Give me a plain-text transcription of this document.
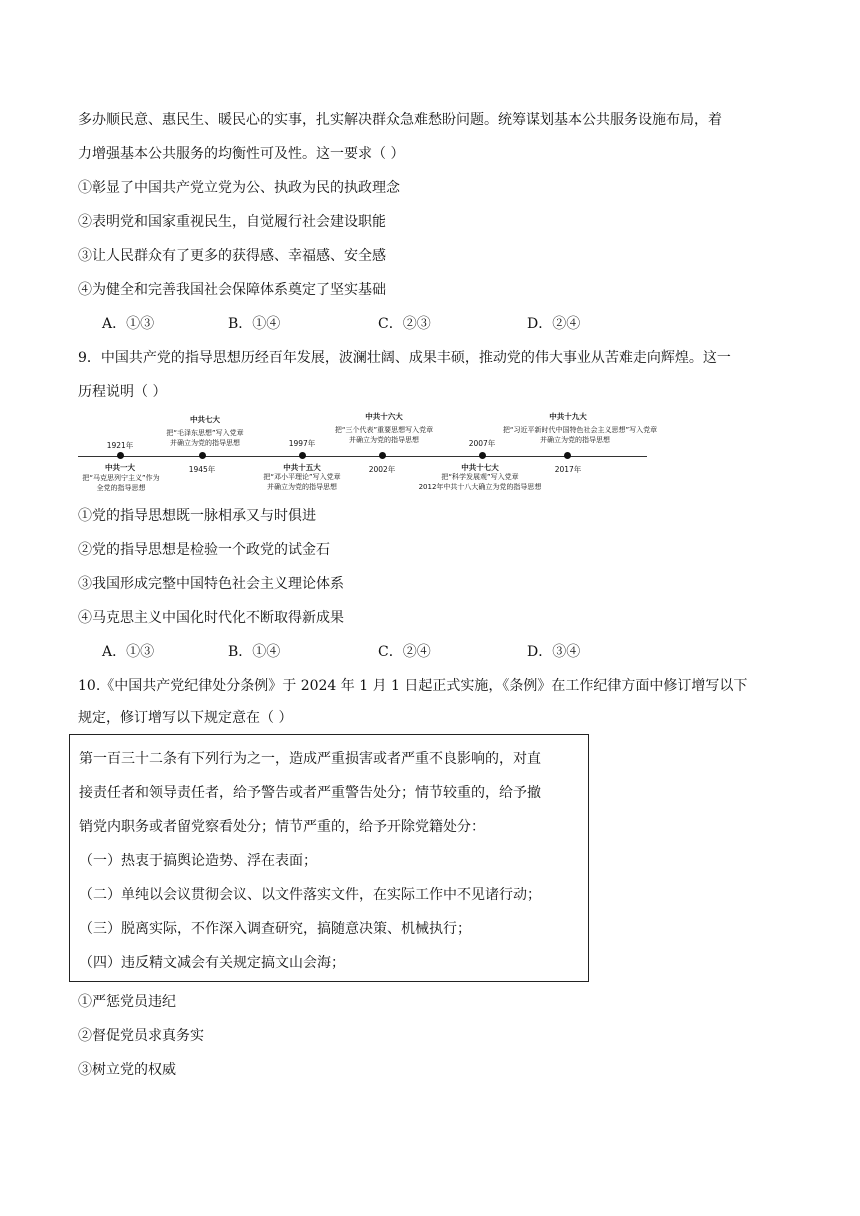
多办顺民意、惠民生、暖民心的实事，扎实解决群众急难愁盼问题。统筹谋划基本公共服务设施布局，着
力增强基本公共服务的均衡性可及性。这一要求（ ）
①彰显了中国共产党立党为公、执政为民的执政理念
②表明党和国家重视民生，自觉履行社会建设职能
③让人民群众有了更多的获得感、幸福感、安全感
④为健全和完善我国社会保障体系奠定了坚实基础
A．①③	B．①④	C．②③	D．②④
9．中国共产党的指导思想历经百年发展，波澜壮阔、成果丰硕，推动党的伟大事业从苦难走向辉煌。这一
历程说明（ ）
1921年
中共一大
把“马克思列宁主义”作为
全党的指导思想
1945年
中共七大
把“毛泽东思想”写入党章
并确立为党的指导思想	1997年
中共十五大
把“邓小平理论”写入党章
并确立为党的指导思想
2002年
中共十六大
把“三个代表”重要思想写入党章
并确立为党的指导思想	2007年
中共十七大
把“科学发展观”写入党章
2012年中共十八大确立为党的指导思想
2017年
中共十九大
把“习近平新时代中国特色社会主义思想”写入党章
并确立为党的指导思想
①党的指导思想既一脉相承又与时俱进
②党的指导思想是检验一个政党的试金石
③我国形成完整中国特色社会主义理论体系
④马克思主义中国化时代化不断取得新成果
A．①③	B．①④	C．②④	D．③④
10.《中国共产党纪律处分条例》于 2024 年 1 月 1 日起正式实施，《条例》在工作纪律方面中修订增写以下
规定，修订增写以下规定意在（ ）
第一百三十二条有下列行为之一，造成严重损害或者严重不良影响的，对直
接责任者和领导责任者，给予警告或者严重警告处分；情节较重的，给予撤
销党内职务或者留党察看处分；情节严重的，给予开除党籍处分：
（一）热衷于搞舆论造势、浮在表面；
（二）单纯以会议贯彻会议、以文件落实文件，在实际工作中不见诸行动；
（三）脱离实际，不作深入调查研究，搞随意决策、机械执行；
（四）违反精文减会有关规定搞文山会海；
①严惩党员违纪
②督促党员求真务实
③树立党的权威
